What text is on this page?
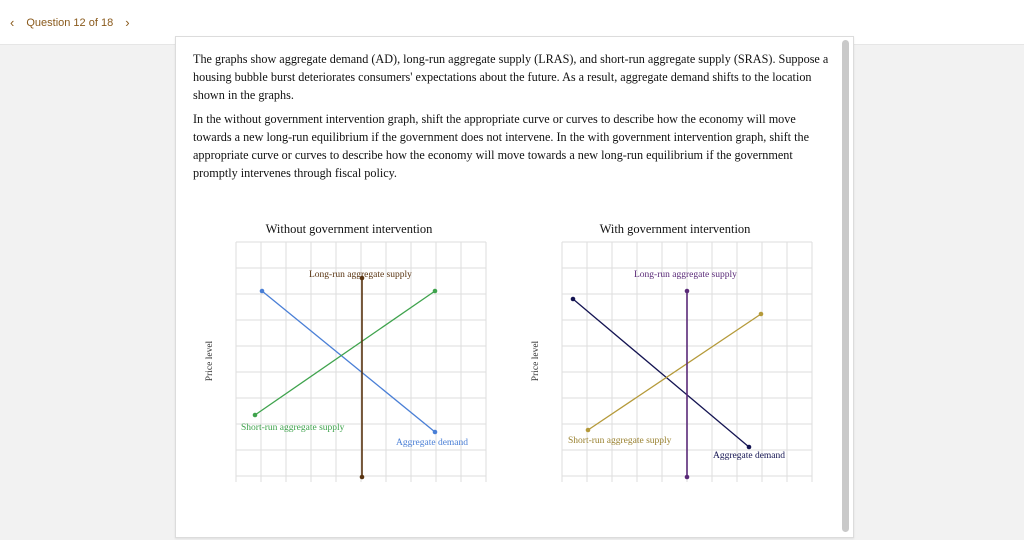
‹	Question 12 of 18 ›

The graphs show aggregate demand (AD), long-run aggregate supply (LRAS), and short-run aggregate supply (SRAS). Suppose a housing bubble burst deteriorates consumers' expectations about the future. As a result, aggregate demand shifts to the location shown in the graphs.

In the without government intervention graph, shift the appropriate curve or curves to describe how the economy will move towards a new long-run equilibrium if the government does not intervene. In the with government intervention graph, shift the appropriate curve or curves to describe how the economy will move towards a new long-run equilibrium if the government promptly intervenes through fiscal policy.

Without government intervention
Long-run aggregate supply
Short-run aggregate supply
Aggregate demand
Price level
With government intervention
Long-run aggregate supply
Short-run aggregate supply
Aggregate demand
Price level
